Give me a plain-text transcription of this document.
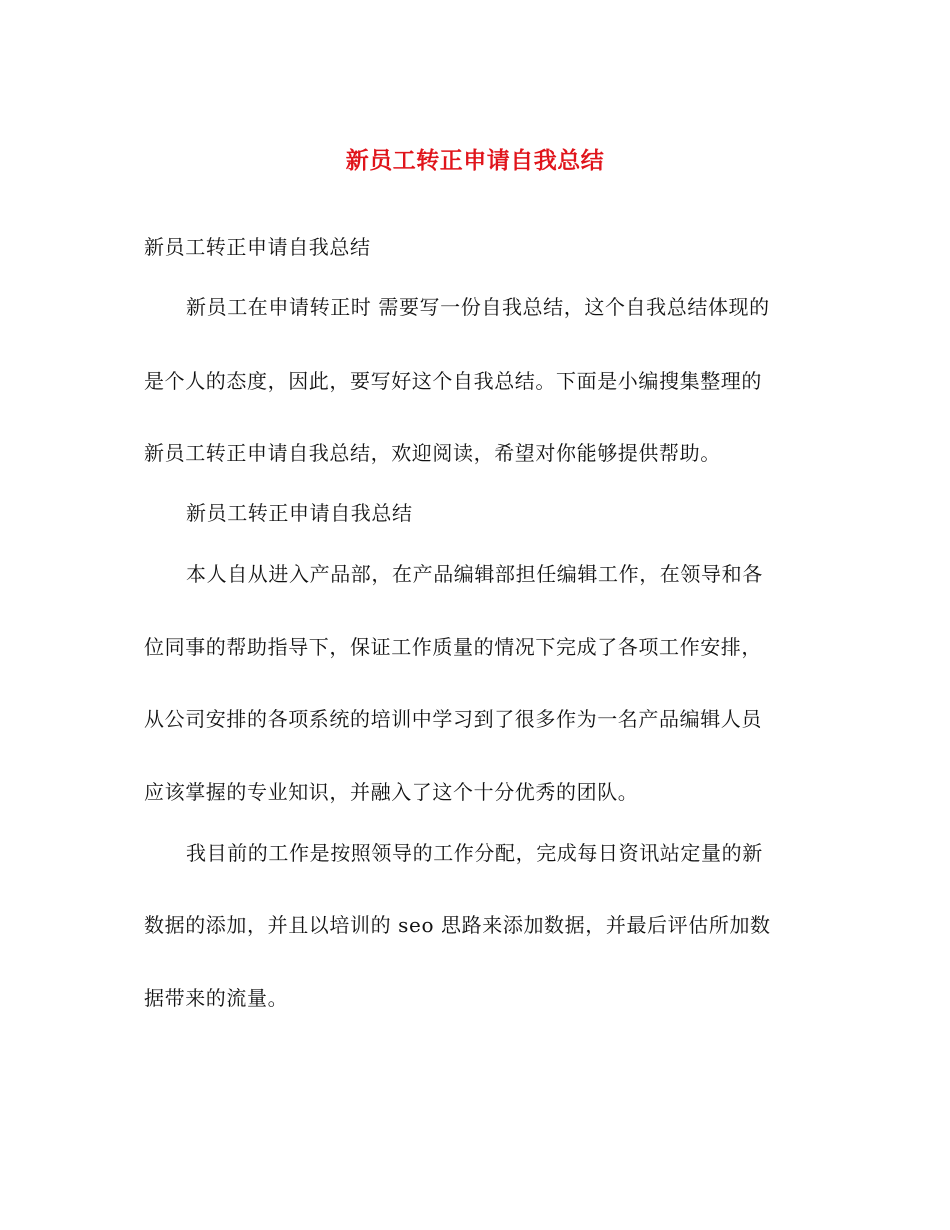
新员工转正申请自我总结
新员工转正申请自我总结
新员工在申请转正时 需要写一份自我总结，这个自我总结体现的
是个人的态度，因此，要写好这个自我总结。下面是小编搜集整理的
新员工转正申请自我总结，欢迎阅读，希望对你能够提供帮助。
新员工转正申请自我总结
本人自从进入产品部，在产品编辑部担任编辑工作，在领导和各
位同事的帮助指导下，保证工作质量的情况下完成了各项工作安排，
从公司安排的各项系统的培训中学习到了很多作为一名产品编辑人员
应该掌握的专业知识，并融入了这个十分优秀的团队。
我目前的工作是按照领导的工作分配，完成每日资讯站定量的新
数据的添加，并且以培训的 seo 思路来添加数据，并最后评估所加数
据带来的流量。
